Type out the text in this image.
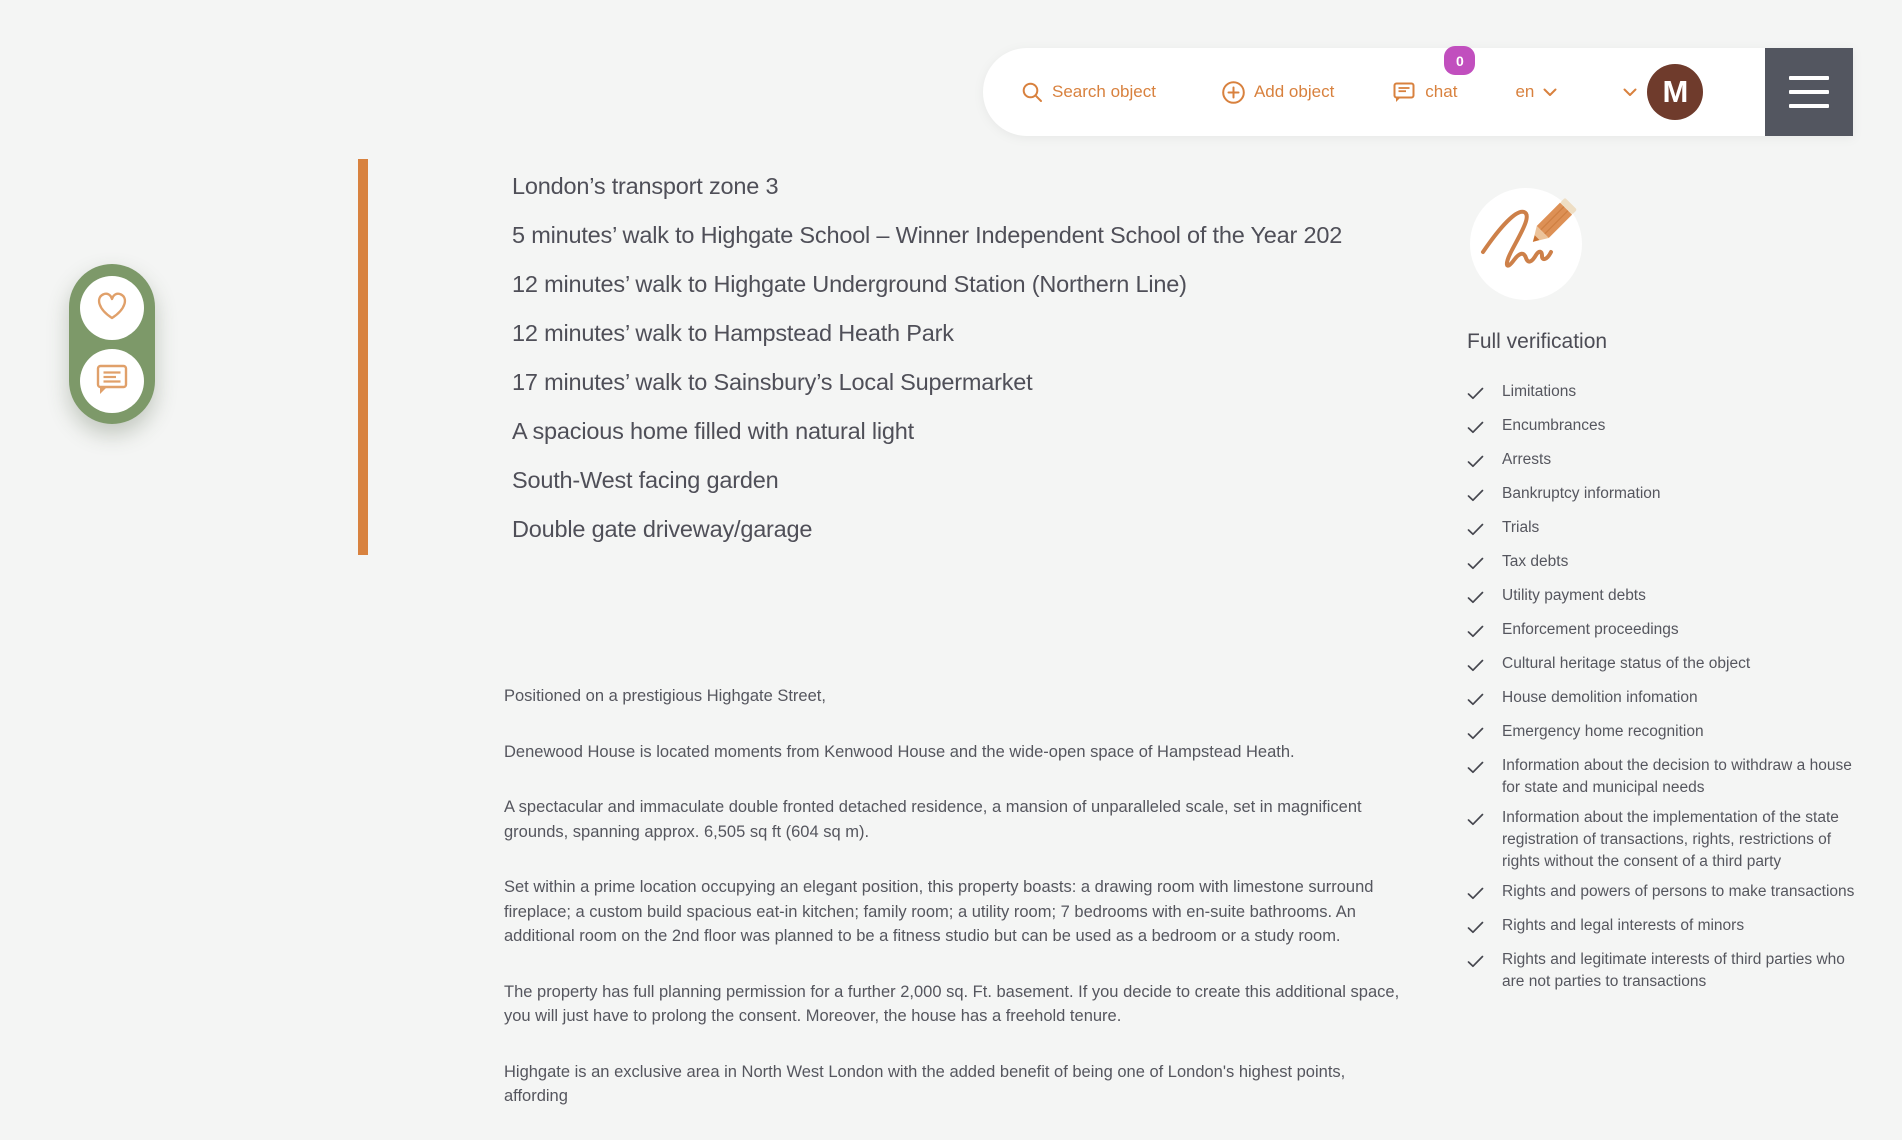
Search object	Add object
0
chat	en	M
London’s transport zone 3
5 minutes’ walk to Highgate School – Winner Independent School of the Year 202
12 minutes’ walk to Highgate Underground Station (Northern Line)
12 minutes’ walk to Hampstead Heath Park
17 minutes’ walk to Sainsbury’s Local Supermarket
A spacious home filled with natural light
South-West facing garden
Double gate driveway/garage

Positioned on a prestigious Highgate Street,

Denewood House is located moments from Kenwood House and the wide-open space of Hampstead Heath.

A spectacular and immaculate double fronted detached residence, a mansion of unparalleled scale, set in magnificent grounds, spanning approx. 6,505 sq ft (604 sq m).

Set within a prime location occupying an elegant position, this property boasts: a drawing room with limestone surround fireplace; a custom build spacious eat-in kitchen; family room; a utility room; 7 bedrooms with en-suite bathrooms. An additional room on the 2nd floor was planned to be a fitness studio but can be used as a bedroom or a study room.

The property has full planning permission for a further 2,000 sq. Ft. basement. If you decide to create this additional space, you will just have to prolong the consent. Moreover, the house has a freehold tenure.

Highgate is an exclusive area in North West London with the added benefit of being one of London's highest points, affording

Full verification
Limitations
Encumbrances
Arrests
Bankruptcy information
Trials
Tax debts
Utility payment debts
Enforcement proceedings
Cultural heritage status of the object
House demolition infomation
Emergency home recognition
Information about the decision to withdraw a house for state and municipal needs
Information about the implementation of the state registration of transactions, rights, restrictions of rights without the consent of a third party
Rights and powers of persons to make transactions
Rights and legal interests of minors
Rights and legitimate interests of third parties who are not parties to transactions
